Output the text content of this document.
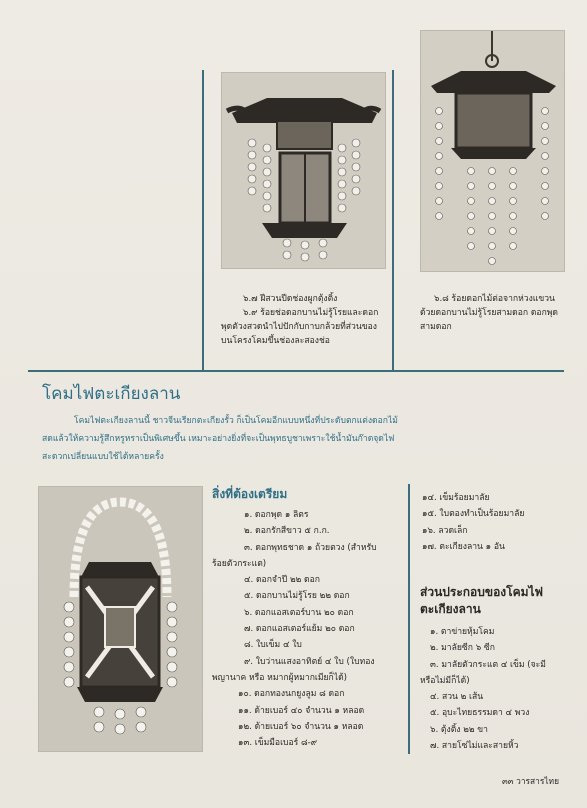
๖.๗ ฝีสวนปีดช่องผูกตุ้งติ้ง

๖.๙ ร้อยช่อดอกบานไม่รู้โรยและดอกพุดตัวงสวดนำไปปักกับกาบกล้วยที่ส่วนของบนโครงโคมขึ้นช่องละสองช่อ

๖.๘ ร้อยดอกไม้ต่อจากห่วงแขวนด้วยดอกบานไม่รู้โรยสามดอก ดอกพุดสามดอก

โคมไฟตะเกียงลาน

โคมไฟตะเกียงลานนี้ ชาวจีนเรียกตะเกียงรั้ว ก็เป็นโคมอีกแบบหนึ่งที่ประดับตกแต่งดอกไม้สดแล้วให้ความรู้สึกหรูหราเป็นพิเศษขึ้น เหมาะอย่างยิ่งที่จะเป็นพุทธบูชาเพราะใช้น้ำมันก๊าดจุดไฟสะดวกเปลี่ยนแบบใช้ได้หลายครั้ง

สิ่งที่ต้องเตรียม
๑. ดอกพุด ๑ ลิตร
๒. ดอกรักสีขาว ๕ ก.ก.
๓. ดอกพุทธชาด ๑ ถ้วยตวง (สำหรับ
ร้อยตัวกระแต)
๔. ดอกจำปี ๒๒ ดอก
๕. ดอกบานไม่รู้โรย ๒๒ ดอก
๖. ดอกแอสเตอร์บาน ๒๐ ดอก
๗. ดอกแอสเตอร์แย้ม ๒๐ ดอก
๘. ใบเข็ม ๔ ใบ
๙. ใบว่านแสงอาทิตย์ ๔ ใบ (ใบทอง
พญานาค หรือ หมากผู้หมากเมียก็ได้)
๑๐. ดอกทองนกยูงลูม ๘ ดอก
๑๑. ด้ายเบอร์ ๔๐ จำนวน ๑ หลอด
๑๒. ด้ายเบอร์ ๖๐ จำนวน ๑ หลอด
๑๓. เข็มมือเบอร์ ๘-๙
๑๔. เข็มร้อยมาลัย
๑๕. ใบตองทำเป็นร้อยมาลัย
๑๖. ลวดเล็ก
๑๗. ตะเกียงลาน ๑ อัน
ส่วนประกอบของโคมไฟ
ตะเกียงลาน
๑. ตาข่ายหุ้มโคม
๒. มาลัยซีก ๖ ซีก
๓. มาลัยตัวกระแต ๔ เข็ม (จะมี
หรือไม่มีก็ได้)
๔. สวน ๒ เส้น
๕. อุบะไทยธรรมดา ๔ พวง
๖. ตุ้งติ้ง ๒๒ ขา
๗. สายโซ่ไม่และสายหิ้ว
๓๓ วารสารไทย
